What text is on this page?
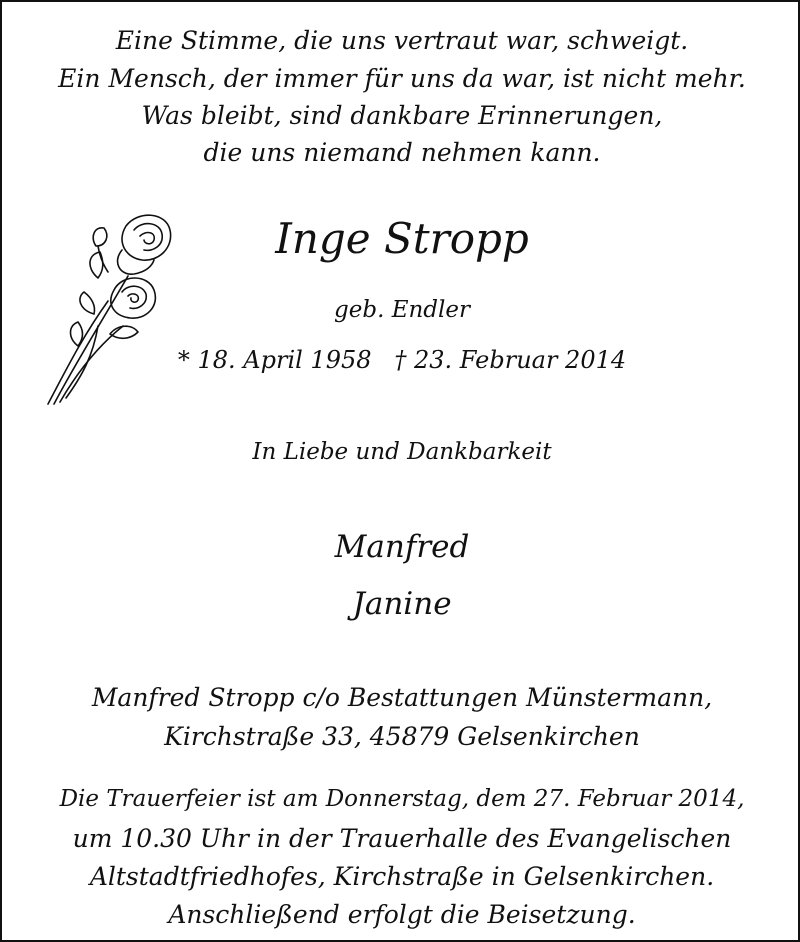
Eine Stimme, die uns vertraut war, schweigt.
Ein Mensch, der immer für uns da war, ist nicht mehr.
Was bleibt, sind dankbare Erinnerungen,
die uns niemand nehmen kann.
Inge Stropp
geb. Endler
* 18. April 1958   † 23. Februar 2014
In Liebe und Dankbarkeit
Manfred
Janine
Manfred Stropp c/o Bestattungen Münstermann,
Kirchstraße 33, 45879 Gelsenkirchen
Die Trauerfeier ist am Donnerstag, dem 27. Februar 2014,
um 10.30 Uhr in der Trauerhalle des Evangelischen
Altstadtfriedhofes, Kirchstraße in Gelsenkirchen.
Anschließend erfolgt die Beisetzung.
